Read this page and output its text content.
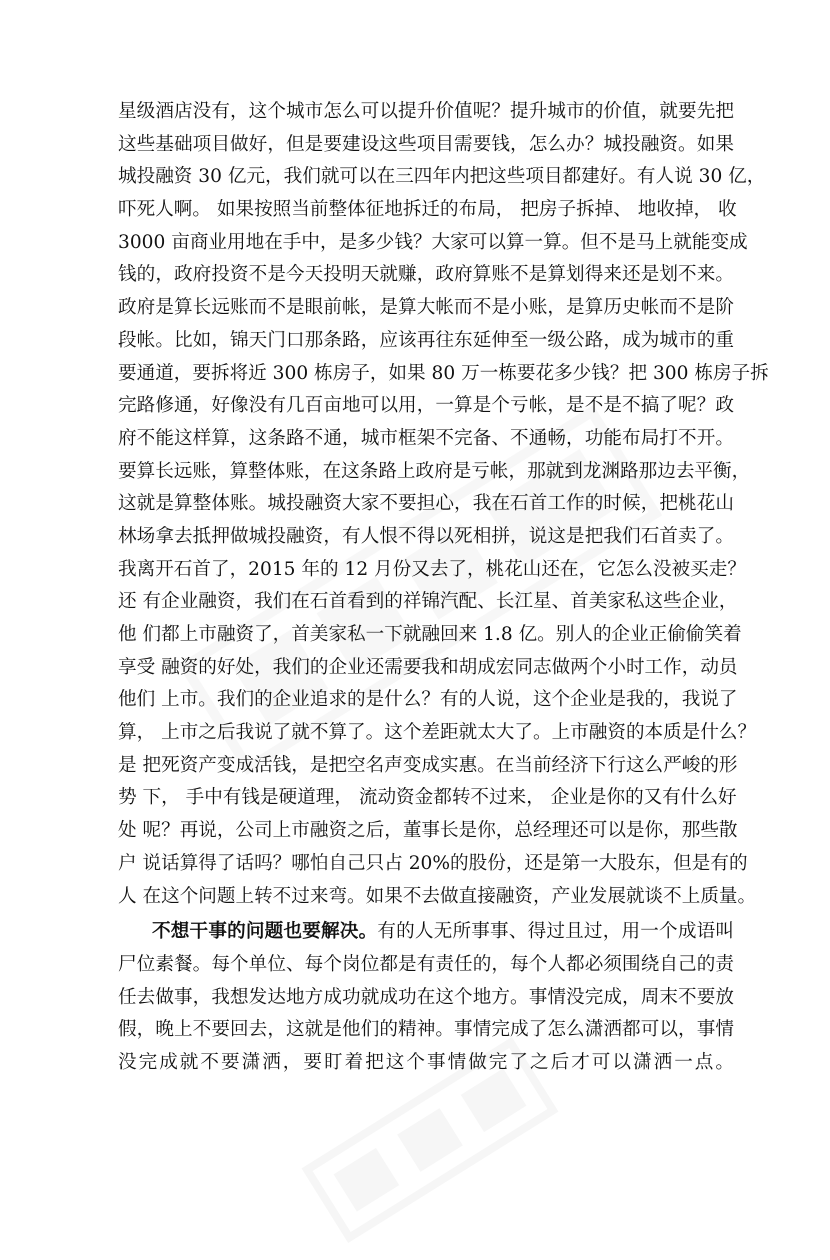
星级酒店没有，这个城市怎么可以提升价值呢？提升城市的价值，就要先把
这些基础项目做好，但是要建设这些项目需要钱，怎么办？城投融资。如果
城投融资 30 亿元，我们就可以在三四年内把这些项目都建好。有人说 30 亿，
吓死人啊。 如果按照当前整体征地拆迁的布局， 把房子拆掉、 地收掉， 收
3000 亩商业用地在手中，是多少钱？大家可以算一算。但不是马上就能变成
钱的，政府投资不是今天投明天就赚，政府算账不是算划得来还是划不来。
政府是算长远账而不是眼前帐，是算大帐而不是小账，是算历史帐而不是阶
段帐。比如，锦天门口那条路，应该再往东延伸至一级公路，成为城市的重
要通道，要拆将近 300 栋房子，如果 80 万一栋要花多少钱？把 300 栋房子拆
完路修通，好像没有几百亩地可以用，一算是个亏帐，是不是不搞了呢？政
府不能这样算，这条路不通，城市框架不完备、不通畅，功能布局打不开。
要算长远账，算整体账，在这条路上政府是亏帐，那就到龙渊路那边去平衡，
这就是算整体账。城投融资大家不要担心，我在石首工作的时候，把桃花山
林场拿去抵押做城投融资，有人恨不得以死相拼，说这是把我们石首卖了。
我离开石首了，2015 年的 12 月份又去了，桃花山还在，它怎么没被买走？
还 有企业融资，我们在石首看到的祥锦汽配、长江星、首美家私这些企业，
他 们都上市融资了，首美家私一下就融回来 1.8 亿。别人的企业正偷偷笑着
享受 融资的好处，我们的企业还需要我和胡成宏同志做两个小时工作，动员
他们 上市。我们的企业追求的是什么？有的人说，这个企业是我的，我说了
算， 上市之后我说了就不算了。这个差距就太大了。上市融资的本质是什么？
是 把死资产变成活钱，是把空名声变成实惠。在当前经济下行这么严峻的形
势 下， 手中有钱是硬道理， 流动资金都转不过来， 企业是你的又有什么好
处 呢？再说，公司上市融资之后，董事长是你，总经理还可以是你，那些散
户 说话算得了话吗？哪怕自己只占 20%的股份，还是第一大股东，但是有的
人 在这个问题上转不过来弯。如果不去做直接融资，产业发展就谈不上质量。
不想干事的问题也要解决。有的人无所事事、得过且过，用一个成语叫
尸位素餐。每个单位、每个岗位都是有责任的，每个人都必须围绕自己的责
任去做事，我想发达地方成功就成功在这个地方。事情没完成，周末不要放
假，晚上不要回去，这就是他们的精神。事情完成了怎么潇洒都可以，事情
没完成就不要潇洒，要盯着把这个事情做完了之后才可以潇洒一点。
